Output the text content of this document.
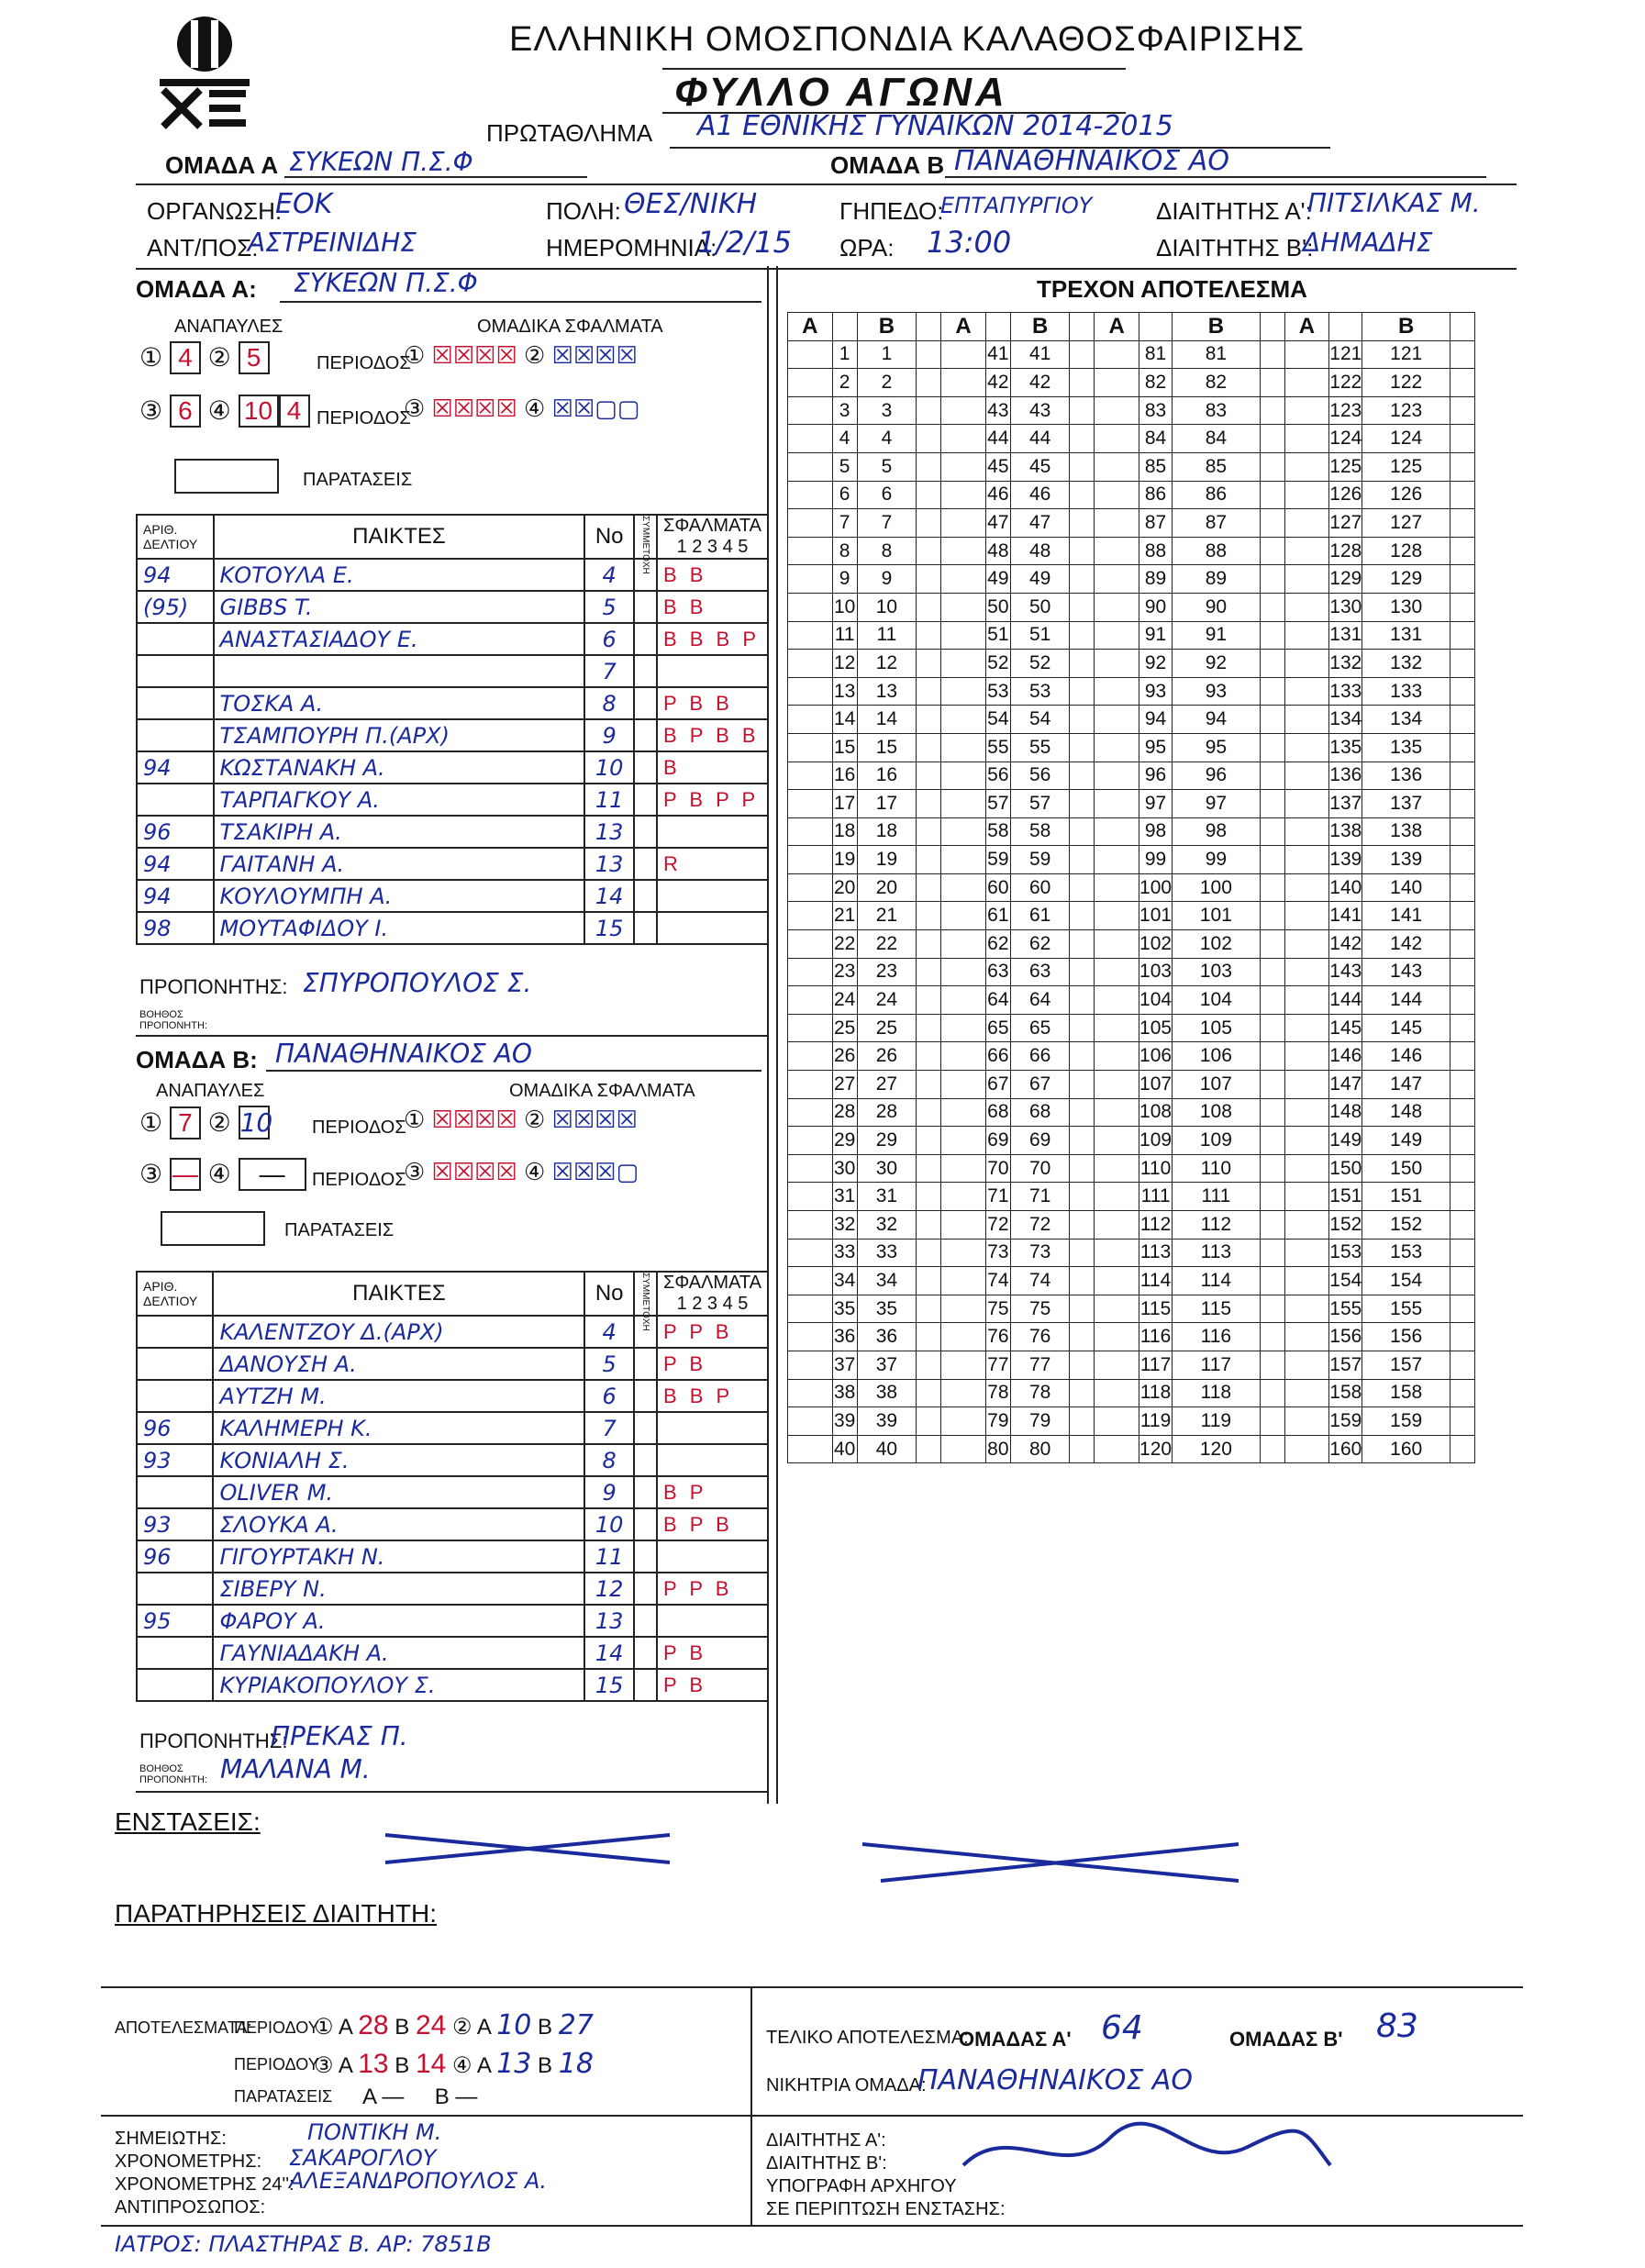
ΕΛΛΗΝΙΚΗ ΟΜΟΣΠΟΝΔΙΑ ΚΑΛΑΘΟΣΦΑΙΡΙΣΗΣ
ΦΥΛΛΟ ΑΓΩΝΑ
ΠΡΩΤΑΘΛΗΜΑ Α1 ΕΘΝΙΚΗΣ ΓΥΝΑΙΚΩΝ 2014-2015
ΟΜΑΔΑ Α ΣΥΚΕΩΝ Π.Σ.Φ	ΟΜΑΔΑ Β ΠΑΝΑΘΗΝΑΙΚΟΣ ΑΟ
ΟΡΓΑΝΩΣΗ:
ΕΟΚ	ΠΟΛΗ: ΘΕΣ/ΝΙΚΗ	ΓΗΠΕΔΟ:
ΕΠΤΑΠΥΡΓΙΟΥ	ΔΙΑΙΤΗΤΗΣ Α':
ΠΙΤΣΙΛΚΑΣ Μ.
ΑΝΤ/ΠΟΣ:
ΑΣΤΡΕΙΝΙΔΗΣ	ΗΜΕΡΟΜΗΝΙΑ:
1/2/15 ΩΡΑ: 13:00	ΔΙΑΙΤΗΤΗΣ Β':
ΔΗΜΑΔΗΣ
ΟΜΑΔΑ Α: ΣΥΚΕΩΝ Π.Σ.Φ
ΑΝΑΠΑΥΛΕΣ	ΟΜΑΔΙΚΑ ΣΦΑΛΜΑΤΑ
① 4 ② 5
③ 6 ④ 10 4
ΠΕΡΙΟΔΟΣ
ΠΕΡΙΟΔΟΣ
① ☒☒☒☒ ② ☒☒☒☒
③ ☒☒☒☒ ④ ☒☒▢▢
ΠΑΡΑΤΑΣΕΙΣ
ΑΡΙΘ. ΔΕΛΤΙΟΥ	ΠΑΙΚΤΕΣ	No	ΣΥΜΜΕΤΟΧΗ	ΣΦΑΛΜΑΤΑ
1 2 3 4 5

94	ΚΟΤΟΥΛΑ Ε.	4		B B
(95)	GIBBS T.	5		B B
	ΑΝΑΣΤΑΣΙΑΔΟΥ Ε.	6		B B B P
		7		
	ΤΟΣΚΑ Α.	8		P B B
	ΤΣΑΜΠΟΥΡΗ Π.(ΑΡΧ)	9		B P B B
94	ΚΩΣΤΑΝΑΚΗ Α.	10		B
	ΤΑΡΠΑΓΚΟΥ Α.	11		P B P P
96	ΤΣΑΚΙΡΗ Α.	13		
94	ΓΑΙΤΑΝΗ Α.	13		R
94	ΚΟΥΛΟΥΜΠΗ Α.	14		
98	ΜΟΥΤΑΦΙΔΟΥ Ι.	15		
ΠΡΟΠΟΝΗΤΗΣ: ΣΠΥΡΟΠΟΥΛΟΣ Σ.
ΒΟΗΘΟΣ ΠΡΟΠΟΝΗΤΗ:
ΟΜΑΔΑ Β: ΠΑΝΑΘΗΝΑΙΚΟΣ ΑΟ
ΑΝΑΠΑΥΛΕΣ	ΟΜΑΔΙΚΑ ΣΦΑΛΜΑΤΑ
① 7 ② 10
③ — ④ —
ΠΕΡΙΟΔΟΣ
ΠΕΡΙΟΔΟΣ
① ☒☒☒☒ ② ☒☒☒☒
③ ☒☒☒☒ ④ ☒☒☒▢
ΠΑΡΑΤΑΣΕΙΣ
ΑΡΙΘ. ΔΕΛΤΙΟΥ	ΠΑΙΚΤΕΣ	No	ΣΥΜΜΕΤΟΧΗ	ΣΦΑΛΜΑΤΑ
1 2 3 4 5

	ΚΑΛΕΝΤΖΟΥ Δ.(ΑΡΧ)	4		P P B
	ΔΑΝΟΥΣΗ Α.	5		P B
	ΑΥΤΖΗ Μ.	6		B B P
96	ΚΑΛΗΜΕΡΗ Κ.	7		
93	ΚΟΝΙΑΛΗ Σ.	8		
	OLIVER M.	9		B P
93	ΣΛΟΥΚΑ Α.	10		B P B
96	ΓΙΓΟΥΡΤΑΚΗ Ν.	11		
	ΣΙΒΕΡΥ Ν.	12		P P B
95	ΦΑΡΟΥ Α.	13		
	ΓΑΥΝΙΑΔΑΚΗ Α.	14		P B
	ΚΥΡΙΑΚΟΠΟΥΛΟΥ Σ.	15		P B
ΠΡΟΠΟΝΗΤΗΣ:
ΠΡΕΚΑΣ Π.
ΒΟΗΘΟΣ ΠΡΟΠΟΝΗΤΗ: ΜΑΛΑΝΑ Μ.
ΤΡΕΧΟΝ ΑΠΟΤΕΛΕΣΜΑ
A		B		A		B		A		B		A		B	
	1	1			41	41			81	81			121	121	
	2	2			42	42			82	82			122	122	
	3	3			43	43			83	83			123	123	
	4	4			44	44			84	84			124	124	
	5	5			45	45			85	85			125	125	
	6	6			46	46			86	86			126	126	
	7	7			47	47			87	87			127	127	
	8	8			48	48			88	88			128	128	
	9	9			49	49			89	89			129	129	
	10	10			50	50			90	90			130	130	
	11	11			51	51			91	91			131	131	
	12	12			52	52			92	92			132	132	
	13	13			53	53			93	93			133	133	
	14	14			54	54			94	94			134	134	
	15	15			55	55			95	95			135	135	
	16	16			56	56			96	96			136	136	
	17	17			57	57			97	97			137	137	
	18	18			58	58			98	98			138	138	
	19	19			59	59			99	99			139	139	
	20	20			60	60			100	100			140	140	
	21	21			61	61			101	101			141	141	
	22	22			62	62			102	102			142	142	
	23	23			63	63			103	103			143	143	
	24	24			64	64			104	104			144	144	
	25	25			65	65			105	105			145	145	
	26	26			66	66			106	106			146	146	
	27	27			67	67			107	107			147	147	
	28	28			68	68			108	108			148	148	
	29	29			69	69			109	109			149	149	
	30	30			70	70			110	110			150	150	
	31	31			71	71			111	111			151	151	
	32	32			72	72			112	112			152	152	
	33	33			73	73			113	113			153	153	
	34	34			74	74			114	114			154	154	
	35	35			75	75			115	115			155	155	
	36	36			76	76			116	116			156	156	
	37	37			77	77			117	117			157	157	
	38	38			78	78			118	118			158	158	
	39	39			79	79			119	119			159	159	
	40	40			80	80			120	120			160	160	
ΕΝΣΤΑΣΕΙΣ:
ΠΑΡΑΤΗΡΗΣΕΙΣ ΔΙΑΙΤΗΤΗ:
ΑΠΟΤΕΛΕΣΜΑΤΑ:
ΠΕΡΙΟΔΟΥ
ΠΕΡΙΟΔΟΥ
ΠΑΡΑΤΑΣΕΙΣ
① Α 28 Β 24 ② Α 10 Β 27
③ Α 13 Β 14 ④ Α 13 Β 18
Α —     Β —
ΤΕΛΙΚΟ ΑΠΟΤΕΛΕΣΜΑ:
ΟΜΑΔΑΣ Α' 64	ΟΜΑΔΑΣ Β' 83
ΝΙΚΗΤΡΙΑ ΟΜΑΔΑ:
ΠΑΝΑΘΗΝΑΙΚΟΣ ΑΟ
ΣΗΜΕΙΩΤΗΣ:	ΠΟΝΤΙΚΗ Μ.
ΧΡΟΝΟΜΕΤΡΗΣ: ΣΑΚΑΡΟΓΛΟΥ
ΧΡΟΝΟΜΕΤΡΗΣ 24'':
ΑΛΕΞΑΝΔΡΟΠΟΥΛΟΣ Α.
ΑΝΤΙΠΡΟΣΩΠΟΣ:
ΔΙΑΙΤΗΤΗΣ Α':
ΔΙΑΙΤΗΤΗΣ Β':
ΥΠΟΓΡΑΦΗ ΑΡΧΗΓΟΥ
ΣΕ ΠΕΡΙΠΤΩΣΗ ΕΝΣΤΑΣΗΣ:
ΙΑΤΡΟΣ: ΠΛΑΣΤΗΡΑΣ Β. ΑΡ: 7851Β
